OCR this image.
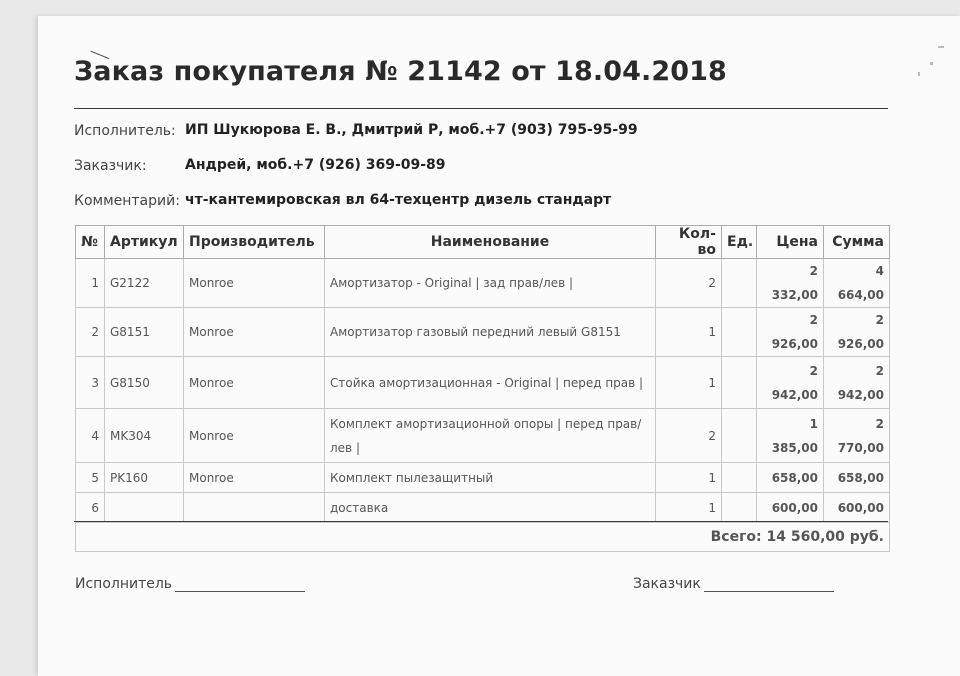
Заказ покупателя № 21142 от 18.04.2018
Исполнитель: ИП Шукюрова Е. В., Дмитрий Р, моб.+7 (903) 795-95-99
Заказчик:	Андрей, моб.+7 (926) 369-09-89
Комментарий: чт-кантемировская вл 64-техцентр дизель стандарт
№	Артикул	Производитель	Наименование	Кол-во	Ед.	Цена	Сумма
1	G2122	Monroe	Амортизатор - Original | зад прав/лев |	2		2 332,00	4 664,00
2	G8151	Monroe	Амортизатор газовый передний левый G8151	1		2 926,00	2 926,00
3	G8150	Monroe	Стойка амортизационная - Original | перед прав |	1		2 942,00	2 942,00
4	MK304	Monroe	Комплект амортизационной опоры | перед прав/ лев |	2		1 385,00	2 770,00
5	PK160	Monroe	Комплект пылезащитный	1		658,00	658,00
6			доставка	1		600,00	600,00
Всего: 14 560,00 руб.							
Исполнитель	Заказчик
